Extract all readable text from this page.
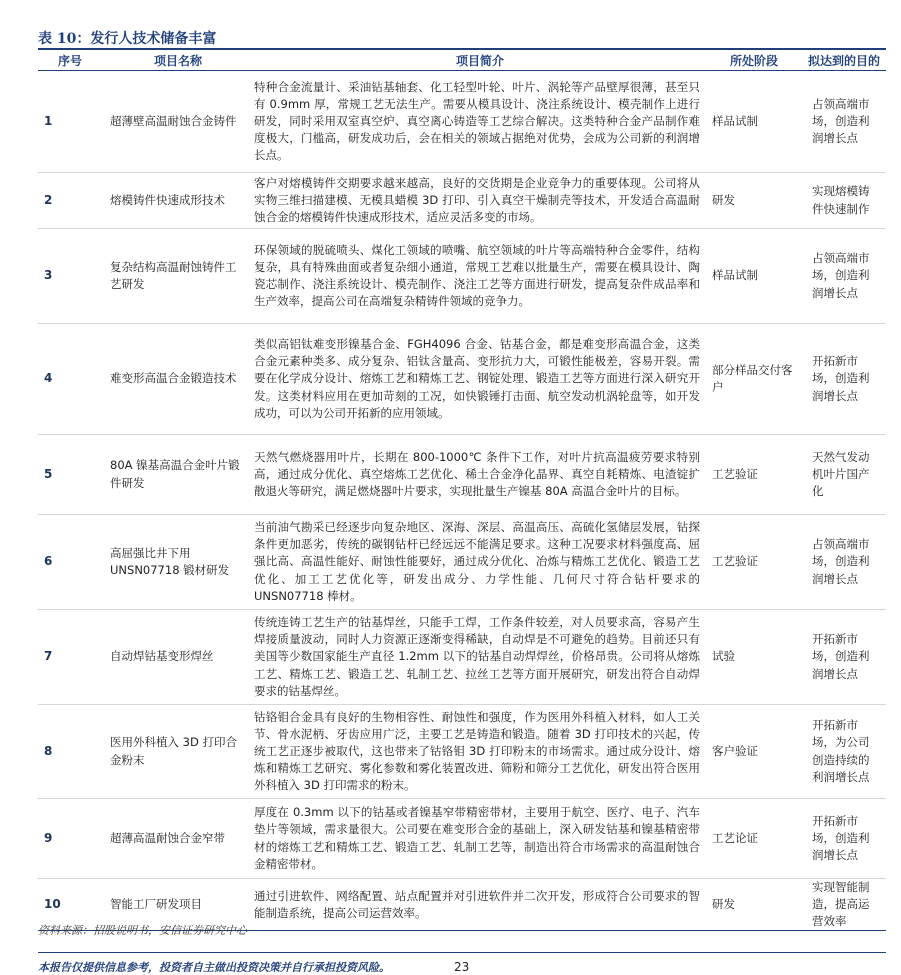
表 10：发行人技术储备丰富
序号	项目名称	项目简介	所处阶段	拟达到的目的
1	超薄壁高温耐蚀合金铸件	特种合金流量计、采油钻基轴套、化工轻型叶轮、叶片、涡轮等产品壁厚很薄，甚至只有 0.9mm 厚，常规工艺无法生产。需要从模具设计、浇注系统设计、模壳制作上进行研发，同时采用双室真空炉、真空离心铸造等工艺综合解决。这类特种合金产品制作难度极大，门槛高，研发成功后，会在相关的领域占据绝对优势，会成为公司新的利润增长点。	样品试制	占领高端市场，创造利润增长点
2	熔模铸件快速成形技术	客户对熔模铸件交期要求越来越高，良好的交货期是企业竞争力的重要体现。公司将从实物三维扫描建模、无模具蜡模 3D 打印、引入真空干燥制壳等技术，开发适合高温耐蚀合金的熔模铸件快速成形技术，适应灵活多变的市场。	研发	实现熔模铸件快速制作
3	复杂结构高温耐蚀铸件工艺研发	环保领域的脱硫喷头、煤化工领域的喷嘴、航空领域的叶片等高端特种合金零件，结构复杂，具有特殊曲面或者复杂细小通道，常规工艺难以批量生产，需要在模具设计、陶瓷芯制作、浇注系统设计、模壳制作、浇注工艺等方面进行研发，提高复杂件成品率和生产效率，提高公司在高端复杂精铸件领域的竞争力。	样品试制	占领高端市场，创造利润增长点
4	难变形高温合金锻造技术	类似高铝钛难变形镍基合金、FGH4096 合金、钴基合金，都是难变形高温合金，这类合金元素种类多、成分复杂、铝钛含量高、变形抗力大，可锻性能极差，容易开裂。需要在化学成分设计、熔炼工艺和精炼工艺、钢锭处理、锻造工艺等方面进行深入研究开发。这类材料应用在更加苛刻的工况，如快锻锤打击面、航空发动机涡轮盘等，如开发成功，可以为公司开拓新的应用领域。	部分样品交付客户	开拓新市场，创造利润增长点
5	80A 镍基高温合金叶片锻件研发	天然气燃烧器用叶片，长期在 800-1000℃ 条件下工作，对叶片抗高温疲劳要求特别高，通过成分优化、真空熔炼工艺优化、稀土合金净化晶界、真空自耗精炼、电渣锭扩散退火等研究，满足燃烧器叶片要求，实现批量生产镍基 80A 高温合金叶片的目标。	工艺验证	天然气发动机叶片国产化
6	高屈强比井下用 UNSN07718 锻材研发	当前油气勘采已经逐步向复杂地区、深海、深层、高温高压、高硫化氢储层发展，钻探条件更加恶劣，传统的碳钢钻杆已经远远不能满足要求。这种工况要求材料强度高、屈强比高、高温性能好、耐蚀性能要好，通过成分优化、冶炼与精炼工艺优化、锻造工艺优化、加工工艺优化等，研发出成分、力学性能、几何尺寸符合钻杆要求的 UNSN07718 棒材。	工艺验证	占领高端市场，创造利润增长点
7	自动焊钴基变形焊丝	传统连铸工艺生产的钴基焊丝，只能手工焊，工作条件较差，对人员要求高，容易产生焊接质量波动，同时人力资源正逐渐变得稀缺，自动焊是不可避免的趋势。目前还只有美国等少数国家能生产直径 1.2mm 以下的钴基自动焊焊丝，价格昂贵。公司将从熔炼工艺、精炼工艺、锻造工艺、轧制工艺、拉丝工艺等方面开展研究，研发出符合自动焊要求的钴基焊丝。	试验	开拓新市场，创造利润增长点
8	医用外科植入 3D 打印合金粉末	钴铬钼合金具有良好的生物相容性、耐蚀性和强度，作为医用外科植入材料，如人工关节、骨水泥柄、牙齿应用广泛，主要工艺是铸造和锻造。随着 3D 打印技术的兴起，传统工艺正逐步被取代，这也带来了钴铬钼 3D 打印粉末的市场需求。通过成分设计、熔炼和精炼工艺研究、雾化参数和雾化装置改进、筛粉和筛分工艺优化，研发出符合医用外科植入 3D 打印需求的粉末。	客户验证	开拓新市场，为公司创造持续的利润增长点
9	超薄高温耐蚀合金窄带	厚度在 0.3mm 以下的钴基或者镍基窄带精密带材，主要用于航空、医疗、电子、汽车垫片等领域，需求量很大。公司要在难变形合金的基础上，深入研发钴基和镍基精密带材的熔炼工艺和精炼工艺、锻造工艺、轧制工艺等，制造出符合市场需求的高温耐蚀合金精密带材。	工艺论证	开拓新市场，创造利润增长点
10	智能工厂研发项目	通过引进软件、网络配置、站点配置并对引进软件并二次开发，形成符合公司要求的智能制造系统，提高公司运营效率。	研发	实现智能制造，提高运营效率
资料来源：招股说明书，安信证券研究中心
本报告仅提供信息参考，投资者自主做出投资决策并自行承担投资风险。	23
